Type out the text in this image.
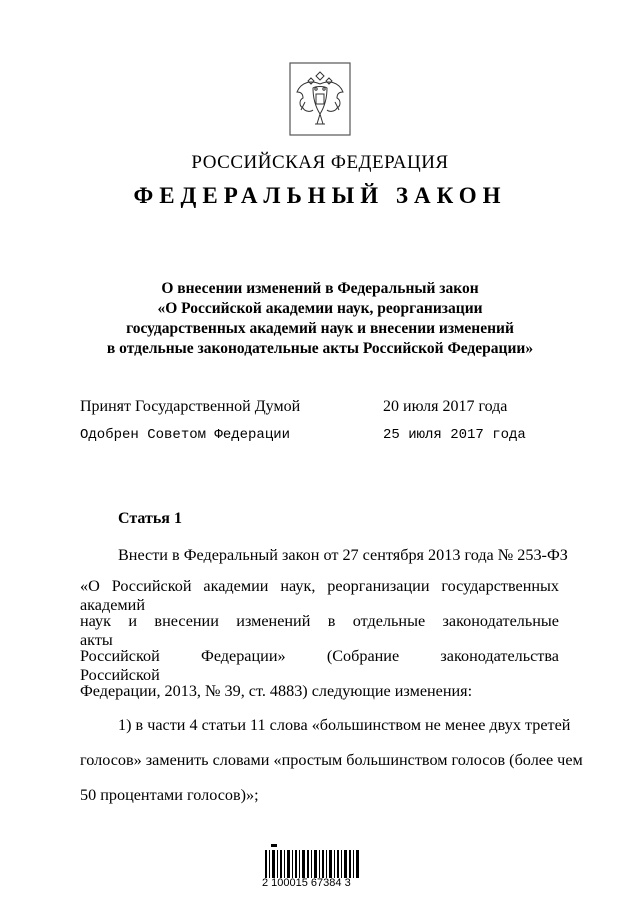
РОССИЙСКАЯ ФЕДЕРАЦИЯ
ФЕДЕРАЛЬНЫЙ ЗАКОН
О внесении изменений в Федеральный закон
«О Российской академии наук, реорганизации
государственных академий наук и внесении изменений
в отдельные законодательные акты Российской Федерации»
Принят Государственной Думой	20 июля 2017 года
Одобрен Советом Федерации	25 июля 2017 года
Статья 1
Внести в Федеральный закон от 27 сентября 2013 года № 253-ФЗ
«О Российской академии наук, реорганизации государственных академий
наук и внесении изменений в отдельные законодательные акты
Российской Федерации» (Собрание законодательства Российской
Федерации, 2013, № 39, ст. 4883) следующие изменения:
1) в части 4 статьи 11 слова «большинством не менее двух третей
голосов» заменить словами «простым большинством голосов (более чем
50 процентами голосов)»;
2 100015 67384 3
